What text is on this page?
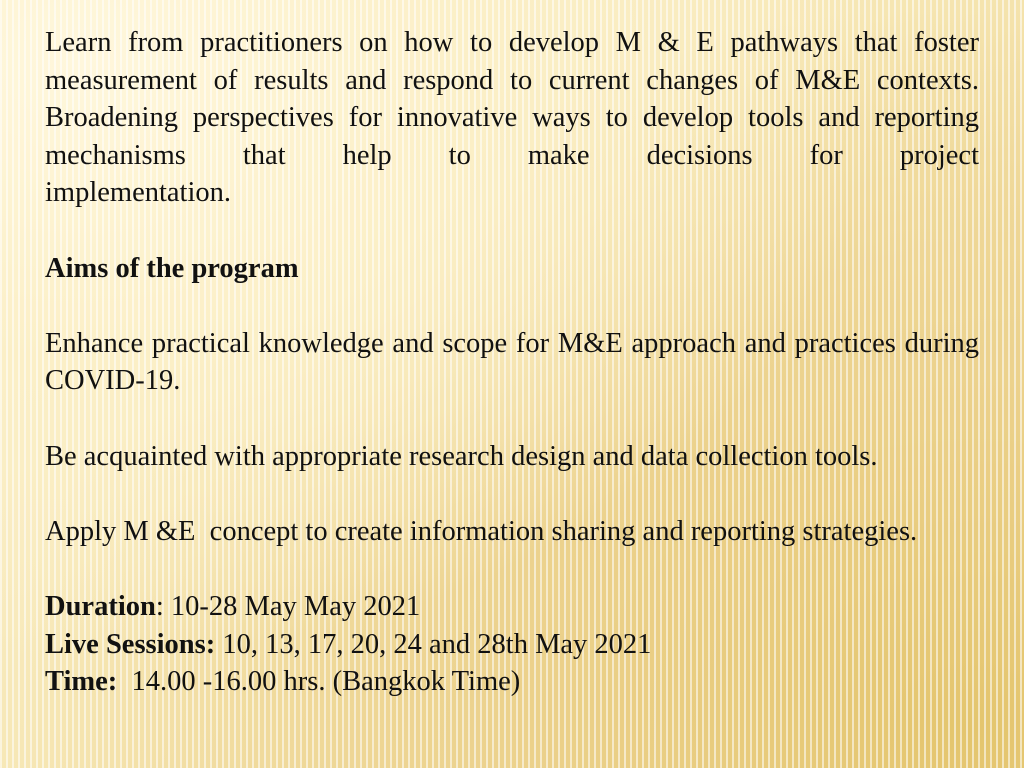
Learn from practitioners on how to develop M & E pathways that foster measurement of results and respond to current changes of M&E contexts. Broadening perspectives for innovative ways to develop tools and reporting mechanisms that help to make decisions for project

implementation.

Aims of the program

Enhance practical knowledge and scope for M&E approach and practices during COVID-19.

Be acquainted with appropriate research design and data collection tools.

Apply M &E  concept to create information sharing and reporting strategies.

Duration: 10-28 May May 2021

Live Sessions: 10, 13, 17, 20, 24 and 28th May 2021

Time:  14.00 -16.00 hrs. (Bangkok Time)
